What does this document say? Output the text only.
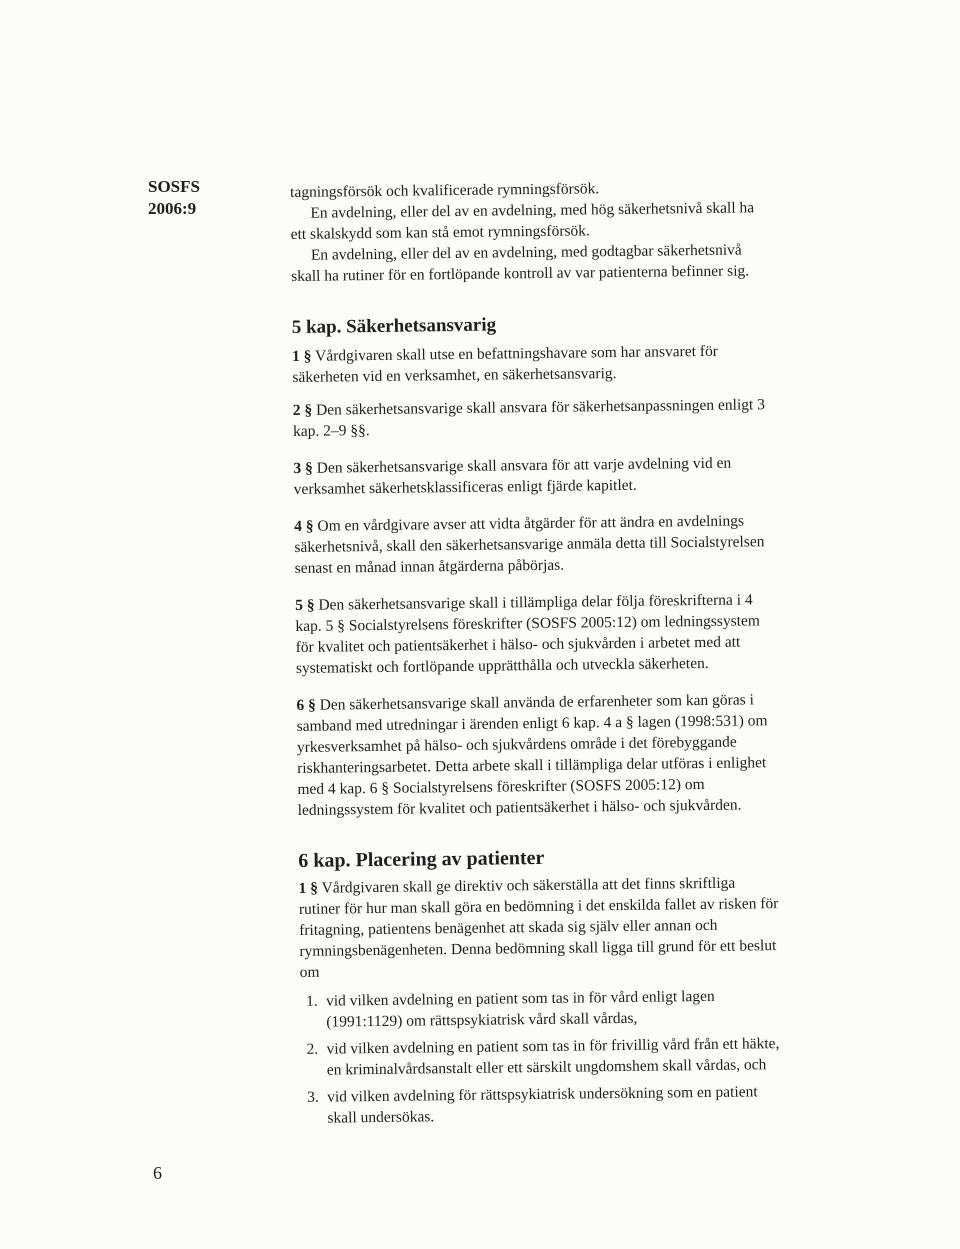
SOSFS
2006:9

tagningsförsök och kvalificerade rymningsförsök.

En avdelning, eller del av en avdelning, med hög säkerhetsnivå skall ha ett skalskydd som kan stå emot rymningsförsök.

En avdelning, eller del av en avdelning, med godtagbar säkerhetsnivå skall ha rutiner för en fortlöpande kontroll av var patienterna befinner sig.

5 kap. Säkerhetsansvarig

1 § Vårdgivaren skall utse en befattningshavare som har ansvaret för säkerheten vid en verksamhet, en säkerhetsansvarig.

2 § Den säkerhetsansvarige skall ansvara för säkerhetsanpassningen enligt 3 kap. 2–9 §§.

3 § Den säkerhetsansvarige skall ansvara för att varje avdelning vid en verksamhet säkerhetsklassificeras enligt fjärde kapitlet.

4 § Om en vårdgivare avser att vidta åtgärder för att ändra en avdelnings säkerhetsnivå, skall den säkerhetsansvarige anmäla detta till Socialstyrelsen senast en månad innan åtgärderna påbörjas.

5 § Den säkerhetsansvarige skall i tillämpliga delar följa föreskrifterna i 4 kap. 5 § Socialstyrelsens föreskrifter (SOSFS 2005:12) om ledningssystem för kvalitet och patientsäkerhet i hälso- och sjukvården i arbetet med att systematiskt och fortlöpande upprätthålla och utveckla säkerheten.

6 § Den säkerhetsansvarige skall använda de erfarenheter som kan göras i samband med utredningar i ärenden enligt 6 kap. 4 a § lagen (1998:531) om yrkesverksamhet på hälso- och sjukvårdens område i det förebyggande riskhanteringsarbetet. Detta arbete skall i tillämpliga delar utföras i enlighet med 4 kap. 6 § Socialstyrelsens föreskrifter (SOSFS 2005:12) om ledningssystem för kvalitet och patientsäkerhet i hälso- och sjukvården.

6 kap. Placering av patienter

1 § Vårdgivaren skall ge direktiv och säkerställa att det finns skriftliga rutiner för hur man skall göra en bedömning i det enskilda fallet av risken för fritagning, patientens benägenhet att skada sig själv eller annan och rymningsbenägenheten. Denna bedömning skall ligga till grund för ett beslut om

1. vid vilken avdelning en patient som tas in för vård enligt lagen (1991:1129) om rättspsykiatrisk vård skall vårdas,
2. vid vilken avdelning en patient som tas in för frivillig vård från ett häkte, en kriminalvårdsanstalt eller ett särskilt ungdomshem skall vårdas, och
3. vid vilken avdelning för rättspsykiatrisk undersökning som en patient skall undersökas.
6
